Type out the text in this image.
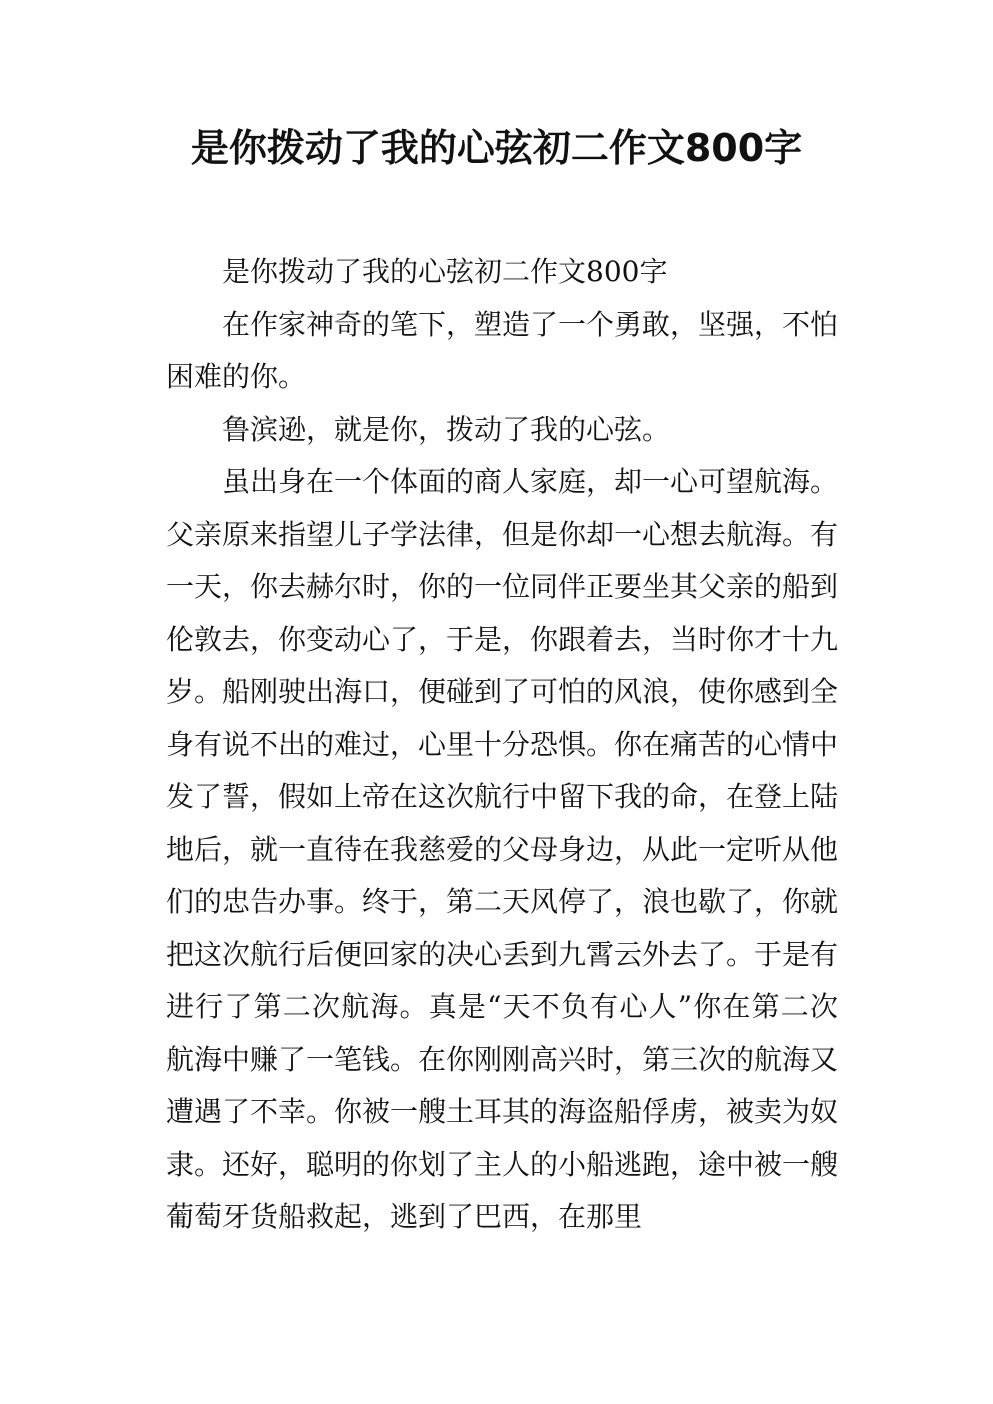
是你拨动了我的心弦初二作文800字

是你拨动了我的心弦初二作文800字

在作家神奇的笔下，塑造了一个勇敢，坚强，不怕困难的你。

鲁滨逊，就是你，拨动了我的心弦。

虽出身在一个体面的商人家庭，却一心可望航海。父亲原来指望儿子学法律，但是你却一心想去航海。有一天，你去赫尔时，你的一位同伴正要坐其父亲的船到伦敦去，你变动心了，于是，你跟着去，当时你才十九岁。船刚驶出海口，便碰到了可怕的风浪，使你感到全身有说不出的难过，心里十分恐惧。你在痛苦的心情中发了誓，假如上帝在这次航行中留下我的命，在登上陆地后，就一直待在我慈爱的父母身边，从此一定听从他们的忠告办事。终于，第二天风停了，浪也歇了，你就把这次航行后便回家的决心丢到九霄云外去了。于是有进行了第二次航海。真是“天不负有心人”你在第二次航海中赚了一笔钱。在你刚刚高兴时，第三次的航海又遭遇了不幸。你被一艘土耳其的海盗船俘虏，被卖为奴隶。还好，聪明的你划了主人的小船逃跑，途中被一艘葡萄牙货船救起，逃到了巴西，在那里
